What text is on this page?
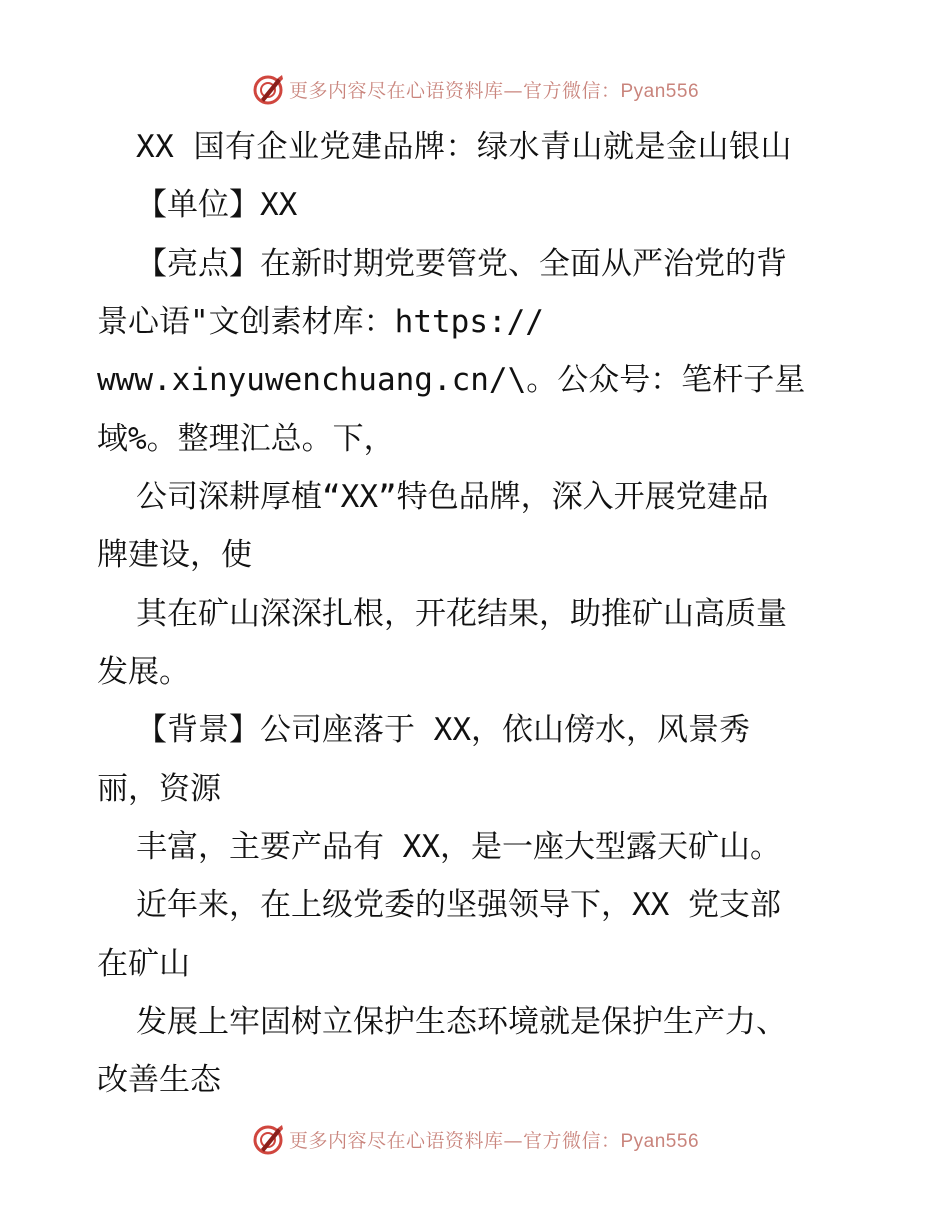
更多内容尽在心语资料库—官方微信：Pyan556
XX 国有企业党建品牌：绿水青山就是金山银山
【单位】XX
【亮点】在新时期党要管党、全面从严治党的背
景心语"文创素材库：https://
www.xinyuwenchuang.cn/\。公众号：笔杆子星
域%。整理汇总。下，
公司深耕厚植“XX”特色品牌，深入开展党建品
牌建设，使
其在矿山深深扎根，开花结果，助推矿山高质量
发展。
【背景】公司座落于 XX，依山傍水，风景秀
丽，资源
丰富，主要产品有 XX，是一座大型露天矿山。
近年来，在上级党委的坚强领导下，XX 党支部
在矿山
发展上牢固树立保护生态环境就是保护生产力、
改善生态
更多内容尽在心语资料库—官方微信：Pyan556
